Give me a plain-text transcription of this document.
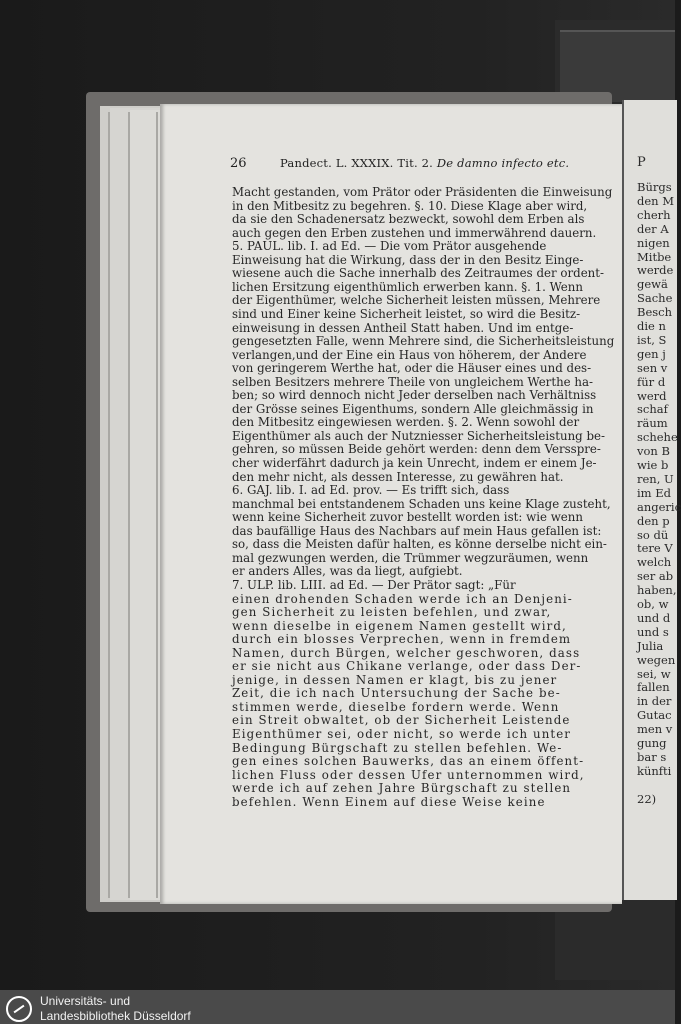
P
Bürgs
den M
cherh
der A
nigen
Mitbe
werde
gewä
Sache
Besch
die n
ist, S
gen j
sen v
für d
werd
schaf
räum
schehe
von B
wie b
ren, U
im Ed
angeric
den p
so dü
tere V
welch
ser ab
haben,
ob, w
und d
und s
Julia
wegen
sei, w
fallen
in der
Gutac
men v
gung
bar s
künfti
22)
26	Pandect. L. XXXIX. Tit. 2. De damno infecto etc.
Macht gestanden, vom Prätor oder Präsidenten die Einweisung
in den Mitbesitz zu begehren. §. 10. Diese Klage aber wird,
da sie den Schadenersatz bezweckt, sowohl dem Erben als
auch gegen den Erben zustehen und immerwährend dauern.
5. PAUL. lib. I. ad Ed. — Die vom Prätor ausgehende
Einweisung hat die Wirkung, dass der in den Besitz Einge-
wiesene auch die Sache innerhalb des Zeitraumes der ordent-
lichen Ersitzung eigenthümlich erwerben kann. §. 1. Wenn
der Eigenthümer, welche Sicherheit leisten müssen, Mehrere
sind und Einer keine Sicherheit leistet, so wird die Besitz-
einweisung in dessen Antheil Statt haben. Und im entge-
gengesetzten Falle, wenn Mehrere sind, die Sicherheitsleistung
verlangen,und der Eine ein Haus von höherem, der Andere
von geringerem Werthe hat, oder die Häuser eines und des-
selben Besitzers mehrere Theile von ungleichem Werthe ha-
ben; so wird dennoch nicht Jeder derselben nach Verhältniss
der Grösse seines Eigenthums, sondern Alle gleichmässig in
den Mitbesitz eingewiesen werden. §. 2. Wenn sowohl der
Eigenthümer als auch der Nutzniesser Sicherheitsleistung be-
gehren, so müssen Beide gehört werden: denn dem Versspre-
cher widerfährt dadurch ja kein Unrecht, indem er einem Je-
den mehr nicht, als dessen Interesse, zu gewähren hat.
6. GAJ. lib. I. ad Ed. prov. — Es trifft sich, dass
manchmal bei entstandenem Schaden uns keine Klage zusteht,
wenn keine Sicherheit zuvor bestellt worden ist: wie wenn
das baufällige Haus des Nachbars auf mein Haus gefallen ist:
so, dass die Meisten dafür halten, es könne derselbe nicht ein-
mal gezwungen werden, die Trümmer wegzuräumen, wenn
er anders Alles, was da liegt, aufgiebt.
7. ULP. lib. LIII. ad Ed. — Der Prätor sagt: „Für
einen drohenden Schaden werde ich an Denjeni-
gen Sicherheit zu leisten befehlen, und zwar,
wenn dieselbe in eigenem Namen gestellt wird,
durch ein blosses Verprechen, wenn in fremdem
Namen, durch Bürgen, welcher geschworen, dass
er sie nicht aus Chikane verlange, oder dass Der-
jenige, in dessen Namen er klagt, bis zu jener
Zeit, die ich nach Untersuchung der Sache be-
stimmen werde, dieselbe fordern werde. Wenn
ein Streit obwaltet, ob der Sicherheit Leistende
Eigenthümer sei, oder nicht, so werde ich unter
Bedingung Bürgschaft zu stellen befehlen. We-
gen eines solchen Bauwerks, das an einem öffent-
lichen Fluss oder dessen Ufer unternommen wird,
werde ich auf zehen Jahre Bürgschaft zu stellen
befehlen. Wenn Einem auf diese Weise keine
Universitäts- und
Landesbibliothek Düsseldorf
